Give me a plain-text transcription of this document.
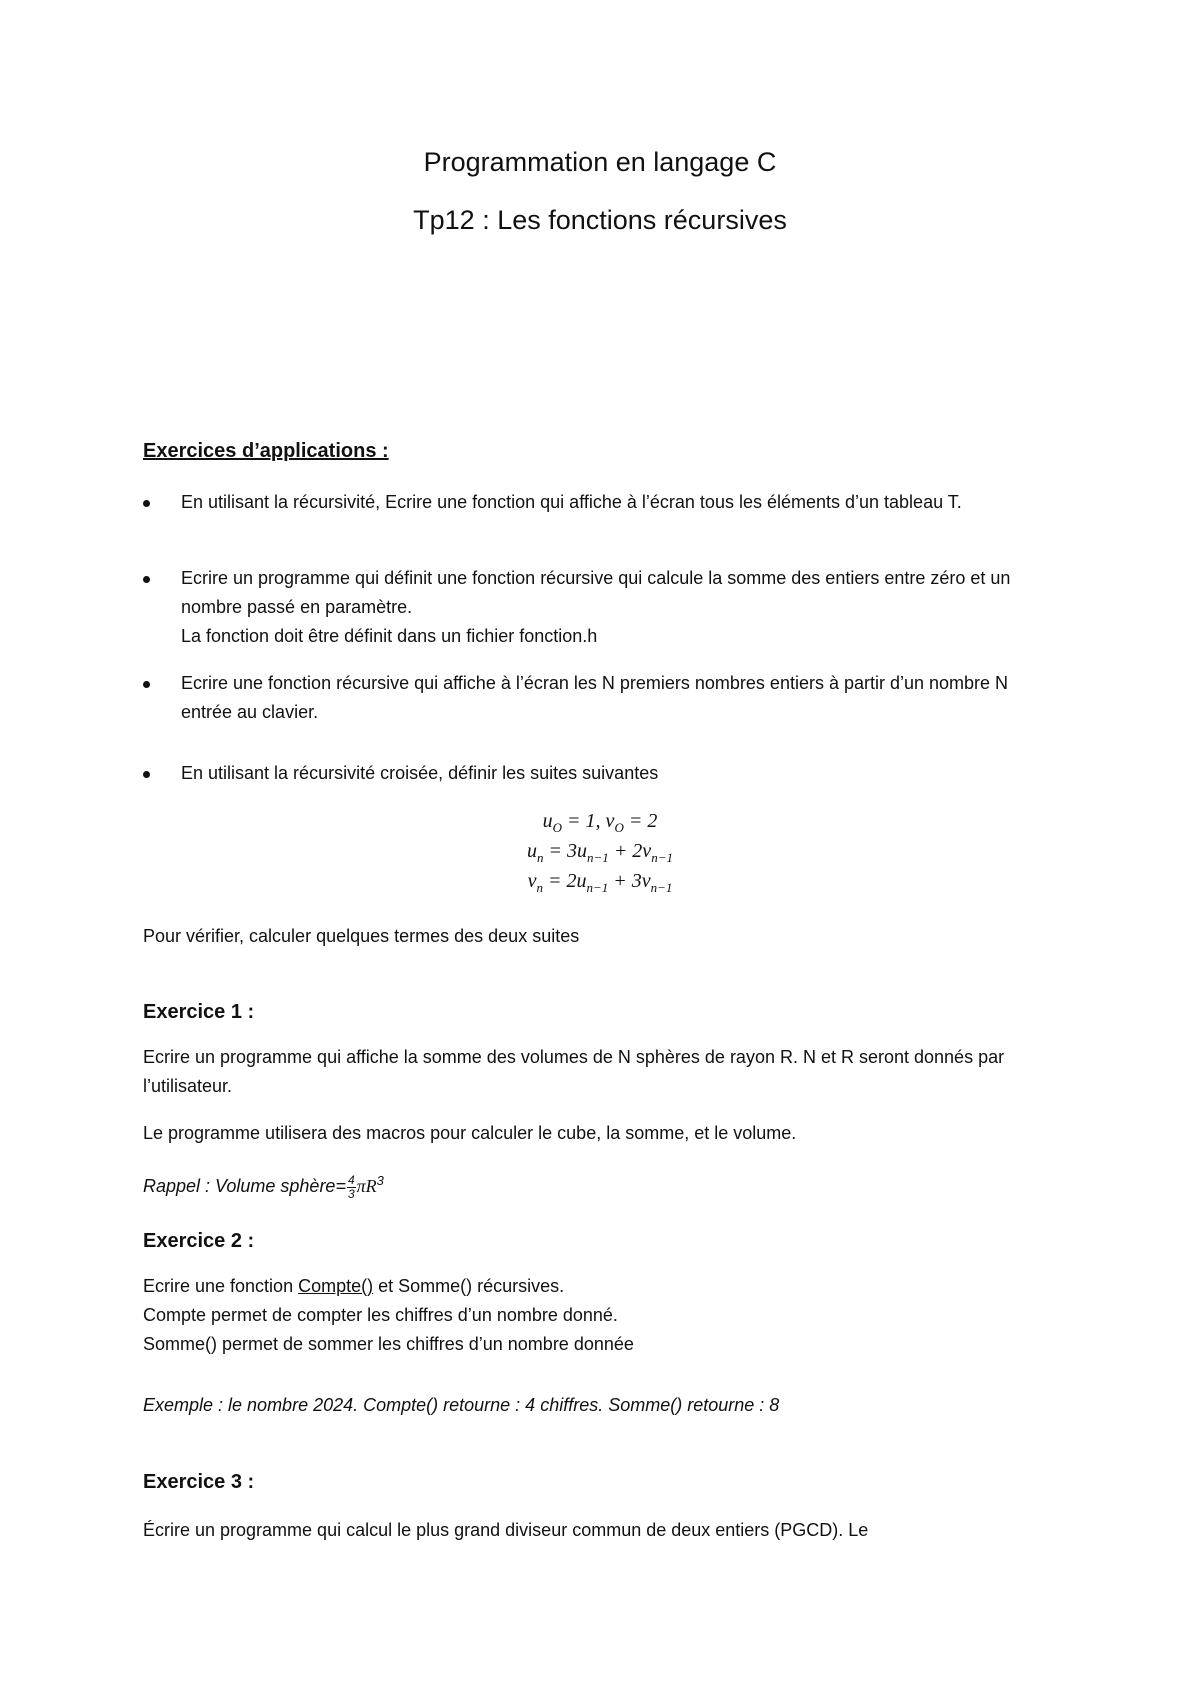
Programmation en langage C
Tp12 : Les fonctions récursives
Exercices d’applications :
En utilisant la récursivité, Ecrire une fonction qui affiche à l’écran tous les éléments d’un tableau T.
Ecrire un programme qui définit une fonction récursive qui calcule la somme des entiers entre zéro et un nombre passé en paramètre.
La fonction doit être définit dans un fichier fonction.h
Ecrire une fonction récursive qui affiche à l’écran les N premiers nombres entiers à partir d’un nombre N entrée au clavier.
En utilisant la récursivité croisée, définir les suites suivantes
$u_O = 1$, $v_O = 2$
$u_n = 3u_{n-1} + 2v_{n-1}$
$v_n = 2u_{n-1} + 3v_{n-1}$
Pour vérifier, calculer quelques termes des deux suites
Exercice 1 :
Ecrire un programme qui affiche la somme des volumes de N sphères de rayon R. N et R seront donnés par l’utilisateur.
Le programme utilisera des macros pour calculer le cube, la somme, et le volume.
Rappel : Volume sphère= $\frac{4}{3} \pi R^3$
Exercice 2 :
Ecrire une fonction Compte() et Somme() récursives.
Compte permet de compter les chiffres d’un nombre donné.
Somme() permet de sommer les chiffres d’un nombre donnée
Exemple : le nombre 2024. Compte() retourne : 4 chiffres. Somme() retourne : 8
Exercice 3 :
Écrire un programme qui calcul le plus grand diviseur commun de deux entiers (PGCD). Le
